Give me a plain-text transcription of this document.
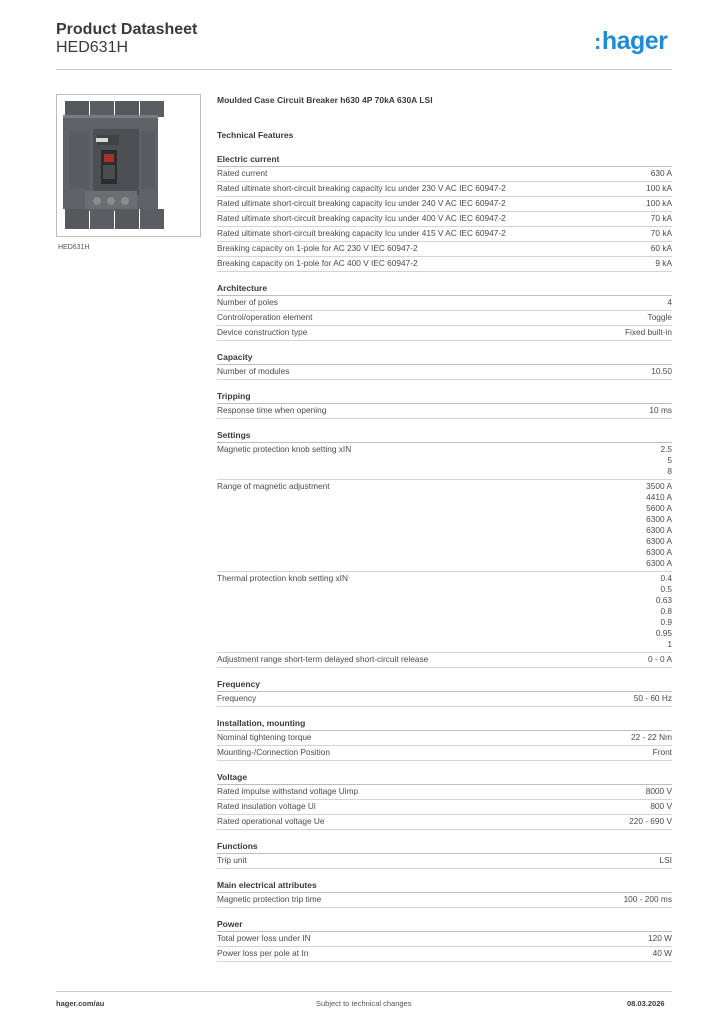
Product Datasheet
HED631H	:hager
HED631H
Moulded Case Circuit Breaker h630 4P 70kA 630A LSI
Technical Features
Electric current
Rated current	630 A
Rated ultimate short-circuit breaking capacity Icu under 230 V AC IEC 60947-2	100 kA
Rated ultimate short-circuit breaking capacity Icu under 240 V AC IEC 60947-2	100 kA
Rated ultimate short-circuit breaking capacity Icu under 400 V AC IEC 60947-2	70 kA
Rated ultimate short-circuit breaking capacity Icu under 415 V AC IEC 60947-2	70 kA
Breaking capacity on 1-pole for AC 230 V IEC 60947-2	60 kA
Breaking capacity on 1-pole for AC 400 V IEC 60947-2	9 kA
Architecture
Number of poles	4
Control/operation element	Toggle
Device construction type	Fixed built-in
Capacity
Number of modules	10.50
Tripping
Response time when opening	10 ms
Settings
Magnetic protection knob setting xIN	2.5
5
8
Range of magnetic adjustment	3500 A
4410 A
5600 A
6300 A
6300 A
6300 A
6300 A
6300 A
Thermal protection knob setting xIN	0.4
0.5
0.63
0.8
0.9
0.95
1
Adjustment range short-term delayed short-circuit release	0 - 0 A
Frequency
Frequency	50 - 60 Hz
Installation, mounting
Nominal tightening torque	22 - 22 Nm
Mounting-/Connection Position	Front
Voltage
Rated impulse withstand voltage Uimp	8000 V
Rated insulation voltage Ui	800 V
Rated operational voltage Ue	220 - 690 V
Functions
Trip unit	LSI
Main electrical attributes
Magnetic protection trip time	100 - 200 ms
Power
Total power loss under IN	120 W
Power loss per pole at In	40 W
hager.com/au	Subject to technical changes	08.03.2026
